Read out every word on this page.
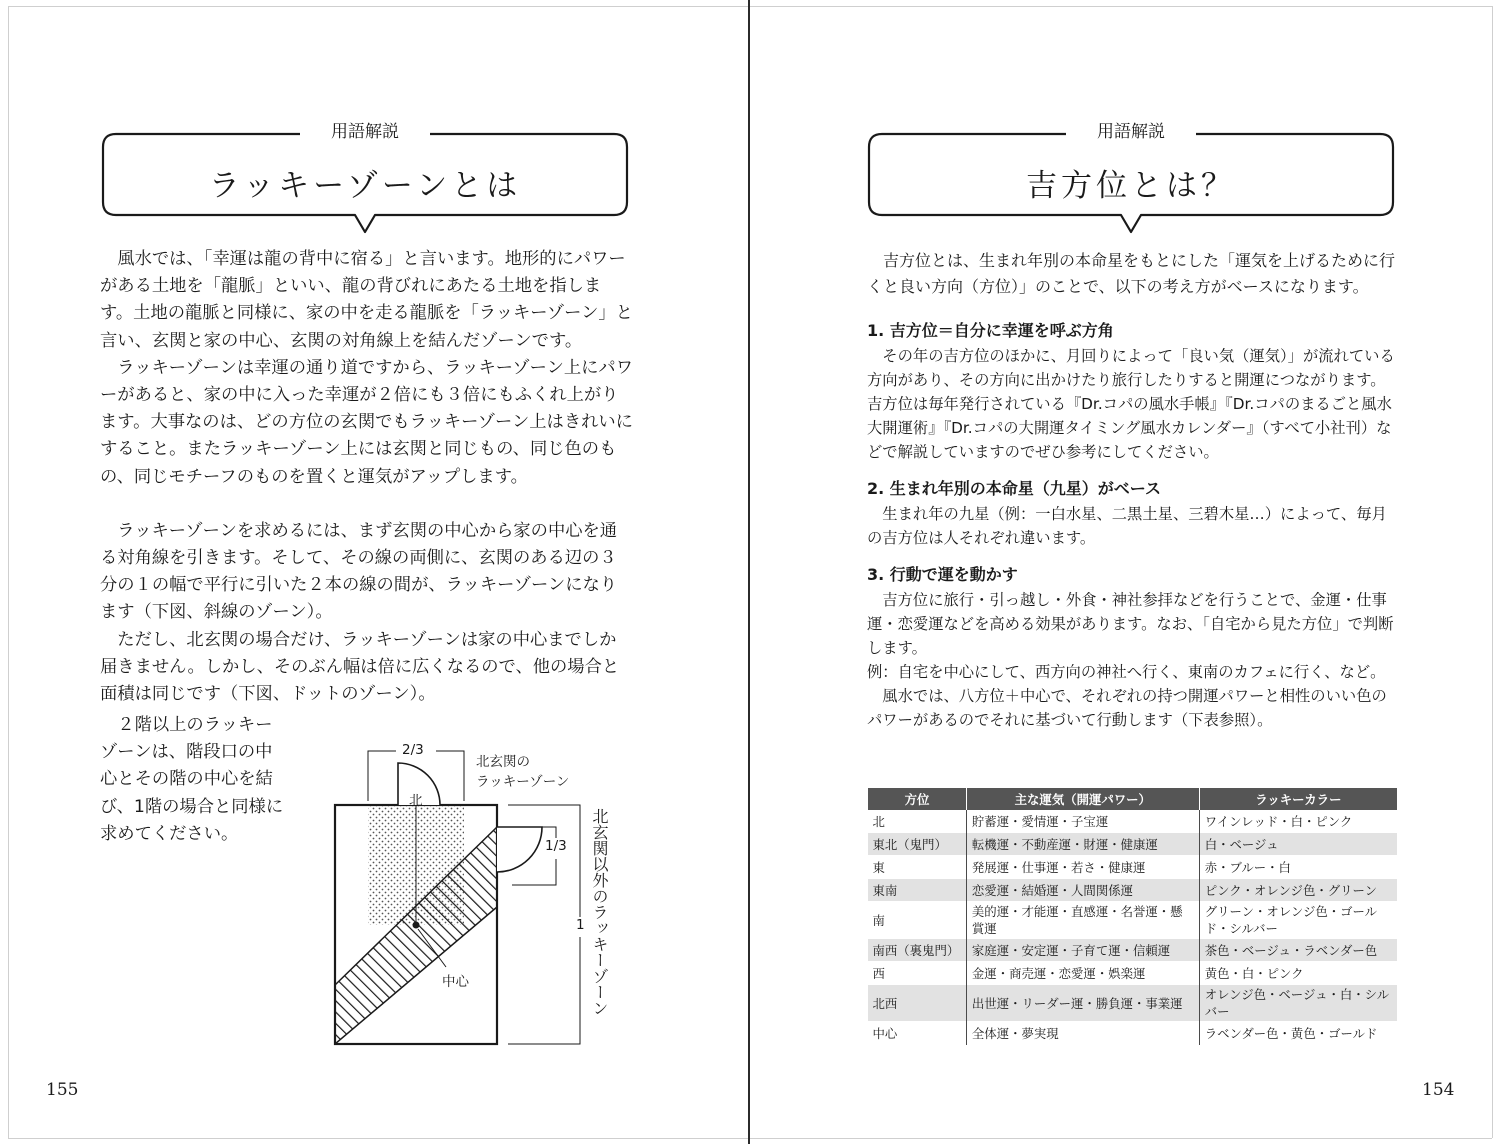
用語解説
ラッキーゾーンとは

風水では、「幸運は龍の背中に宿る」と言います。地形的にパワーがある土地を「龍脈」といい、龍の背びれにあたる土地を指します。土地の龍脈と同様に、家の中を走る龍脈を「ラッキーゾーン」と言い、玄関と家の中心、玄関の対角線上を結んだゾーンです。

ラッキーゾーンは幸運の通り道ですから、ラッキーゾーン上にパワーがあると、家の中に入った幸運が２倍にも３倍にもふくれ上がります。大事なのは、どの方位の玄関でもラッキーゾーン上はきれいにすること。またラッキーゾーン上には玄関と同じもの、同じ色のもの、同じモチーフのものを置くと運気がアップします。

ラッキーゾーンを求めるには、まず玄関の中心から家の中心を通る対角線を引きます。そして、その線の両側に、玄関のある辺の３分の１の幅で平行に引いた２本の線の間が、ラッキーゾーンになります（下図、斜線のゾーン）。

ただし、北玄関の場合だけ、ラッキーゾーンは家の中心までしか届きません。しかし、そのぶん幅は倍に広くなるので、他の場合と面積は同じです（下図、ドットのゾーン）。

２階以上のラッキーゾーンは、階段口の中心とその階の中心を結び、1階の場合と同様に求めてください。

2/3
北
北玄関の
ラッキーゾーン
1/3
1
中心	北玄関以外のラッキーゾーン
155
用語解説
吉方位とは？

吉方位とは、生まれ年別の本命星をもとにした「運気を上げるために行くと良い方向（方位）」のことで、以下の考え方がベースになります。

1. 吉方位＝自分に幸運を呼ぶ方角

その年の吉方位のほかに、月回りによって「良い気（運気）」が流れている方向があり、その方向に出かけたり旅行したりすると開運につながります。吉方位は毎年発行されている『Dr.コパの風水手帳』『Dr.コパのまるごと風水大開運術』『Dr.コパの大開運タイミング風水カレンダー』（すべて小社刊）などで解説していますのでぜひ参考にしてください。

2. 生まれ年別の本命星（九星）がベース

生まれ年の九星（例：一白水星、二黒土星、三碧木星…）によって、毎月の吉方位は人それぞれ違います。

3. 行動で運を動かす

吉方位に旅行・引っ越し・外食・神社参拝などを行うことで、金運・仕事運・恋愛運などを高める効果があります。なお、「自宅から見た方位」で判断します。

例：自宅を中心にして、西方向の神社へ行く、東南のカフェに行く、など。

風水では、八方位＋中心で、それぞれの持つ開運パワーと相性のいい色のパワーがあるのでそれに基づいて行動します（下表参照）。

方位	主な運気（開運パワー）	ラッキーカラー
北	貯蓄運・愛情運・子宝運	ワインレッド・白・ピンク
東北（鬼門）	転機運・不動産運・財運・健康運	白・ベージュ
東	発展運・仕事運・若さ・健康運	赤・ブルー・白
東南	恋愛運・結婚運・人間関係運	ピンク・オレンジ色・グリーン
南	美的運・才能運・直感運・名誉運・懸賞運	グリーン・オレンジ色・ゴールド・シルバー
南西（裏鬼門）	家庭運・安定運・子育て運・信頼運	茶色・ベージュ・ラベンダー色
西	金運・商売運・恋愛運・娯楽運	黄色・白・ピンク
北西	出世運・リーダー運・勝負運・事業運	オレンジ色・ベージュ・白・シルバー
中心	全体運・夢実現	ラベンダー色・黄色・ゴールド
154
